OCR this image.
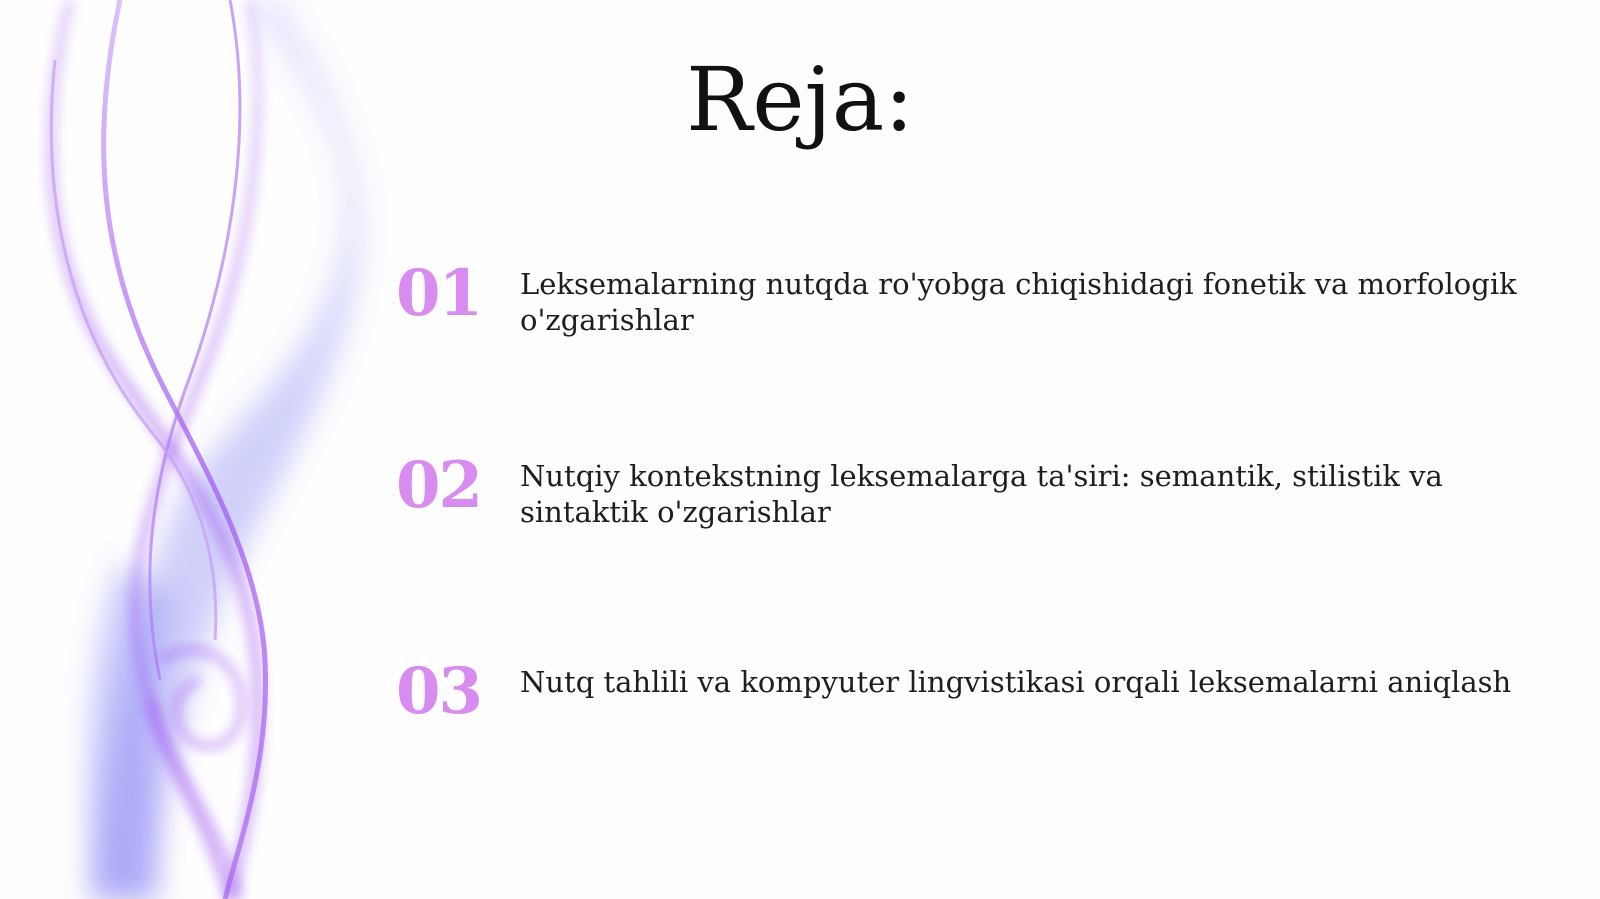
Reja:
01	Leksemalarning nutqda ro'yobga chiqishidagi fonetik va morfologik o'zgarishlar
02	Nutqiy kontekstning leksemalarga ta'siri: semantik, stilistik va sintaktik o'zgarishlar
03	Nutq tahlili va kompyuter lingvistikasi orqali leksemalarni aniqlash
